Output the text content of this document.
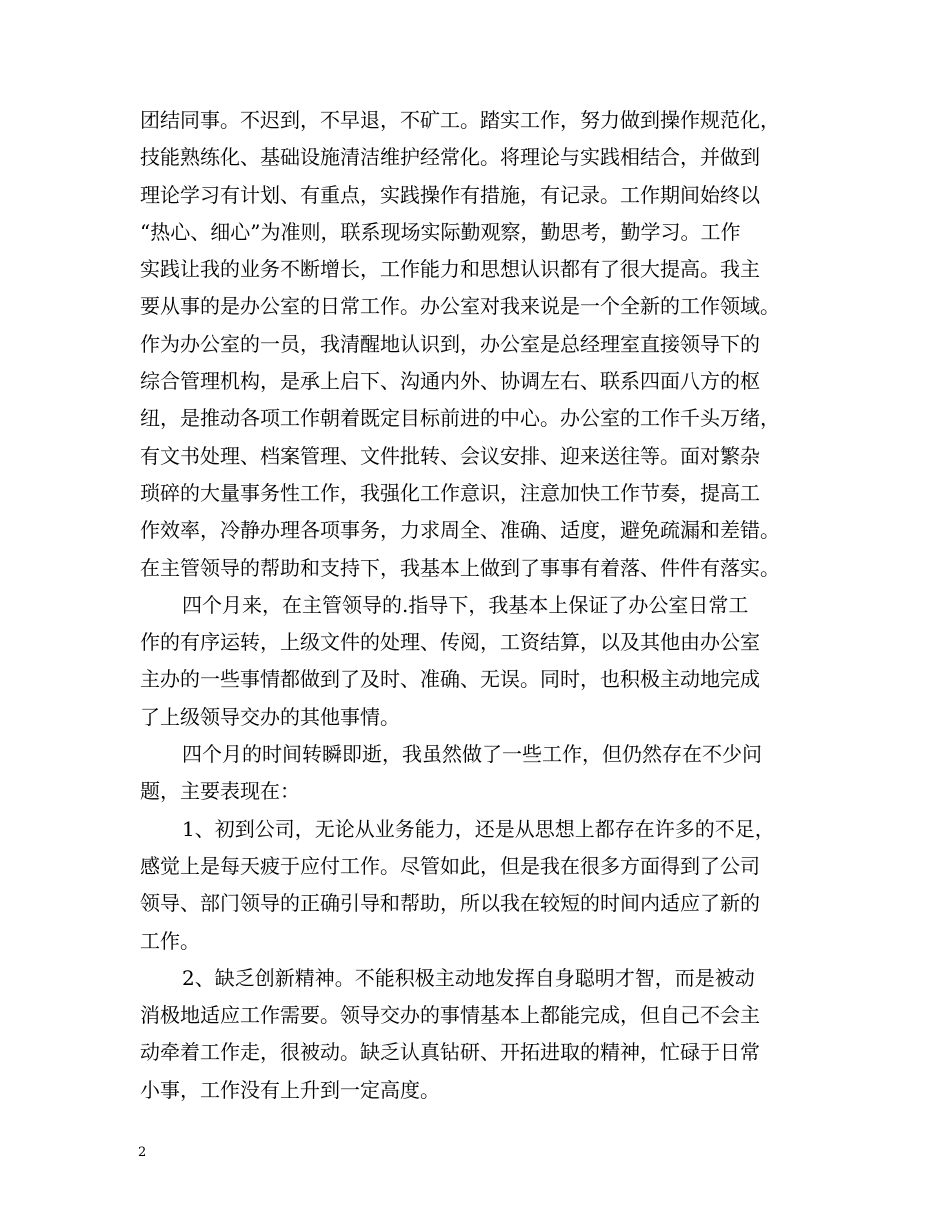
团结同事。不迟到，不早退，不矿工。踏实工作，努力做到操作规范化，
技能熟练化、基础设施清洁维护经常化。将理论与实践相结合，并做到
理论学习有计划、有重点，实践操作有措施，有记录。工作期间始终以
“热心、细心”为准则，联系现场实际勤观察，勤思考，勤学习。工作
实践让我的业务不断增长，工作能力和思想认识都有了很大提高。我主
要从事的是办公室的日常工作。办公室对我来说是一个全新的工作领域。
作为办公室的一员，我清醒地认识到，办公室是总经理室直接领导下的
综合管理机构，是承上启下、沟通内外、协调左右、联系四面八方的枢
纽，是推动各项工作朝着既定目标前进的中心。办公室的工作千头万绪，
有文书处理、档案管理、文件批转、会议安排、迎来送往等。面对繁杂
琐碎的大量事务性工作，我强化工作意识，注意加快工作节奏，提高工
作效率，冷静办理各项事务，力求周全、准确、适度，避免疏漏和差错。
在主管领导的帮助和支持下，我基本上做到了事事有着落、件件有落实。
四个月来，在主管领导的.指导下，我基本上保证了办公室日常工
作的有序运转，上级文件的处理、传阅，工资结算，以及其他由办公室
主办的一些事情都做到了及时、准确、无误。同时，也积极主动地完成
了上级领导交办的其他事情。
四个月的时间转瞬即逝，我虽然做了一些工作，但仍然存在不少问
题，主要表现在：
1、初到公司，无论从业务能力，还是从思想上都存在许多的不足，
感觉上是每天疲于应付工作。尽管如此，但是我在很多方面得到了公司
领导、部门领导的正确引导和帮助，所以我在较短的时间内适应了新的
工作。
2、缺乏创新精神。不能积极主动地发挥自身聪明才智，而是被动
消极地适应工作需要。领导交办的事情基本上都能完成，但自己不会主
动牵着工作走，很被动。缺乏认真钻研、开拓进取的精神，忙碌于日常
小事，工作没有上升到一定高度。
2
